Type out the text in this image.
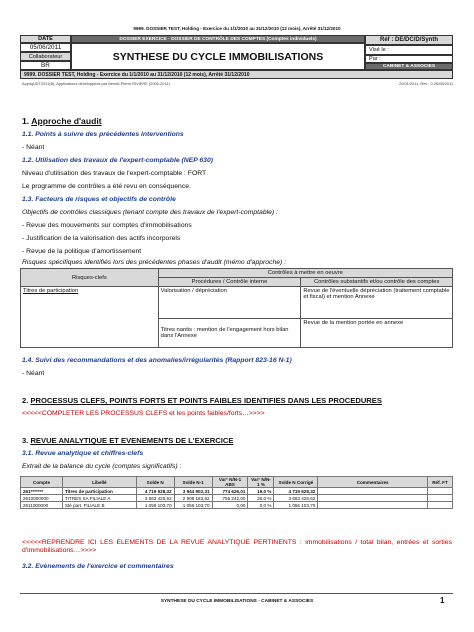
9999. DOSSIER TEST, Holding - Exercice du 1/1/2010 au 31/12/2010 (12 mois), Arrêté 31/12/2010
DATE
05/06/2011
Collaborateur
BR
DOSSIER EXERCICE - DOSSIER DE CONTRÔLE DES COMPTES (Comptes individuels)
SYNTHESE DU CYCLE IMMOBILISATIONS
Réf : DE/DC/D/Synth
Visé le :
Par :
CABINET & ASSOCIES
9999. DOSSIER TEST, Holding - Exercice du 1/1/2010 au 31/12/2010 (12 mois), Arrêté 31/12/2010
AppliqUDT2011(B), Applications développées par Benoît-Pierre RIVIERE (2005-2011)	20/01/2011, Rev : 0.26/05/2011
1. Approche d'audit
1.1. Points à suivre des précédentes interventions
- Néant
1.2. Utilisation des travaux de l'expert-comptable (NEP 630)
Niveau d'utilisation des travaux de l'expert-comptable : FORT
Le programme de contrôles a été revu en conséquence.
1.3. Facteurs de risques et objectifs de contrôle
Objectifs de contrôles classiques (tenant compte des travaux de l'expert-comptable) :
- Revue des mouvements sur comptes d'immobilisations
- Justification de la valorisation des actifs incorporels
- Revue de la politique d'amortissement
Risques spécifiques identifiés lors des précédentes phases d'audit (mémo d'approche) :
Risques-clefs	Contrôles à mettre en oeuvre	
	Procédures / Contrôle interne	Contrôles substantifs et/ou contrôle des comptes
Titres de participation	Valorisation / dépréciation	Revue de l'éventuelle dépréciation (traitement comptable et fiscal) et mention Annexe
	Titres nantis : mention de l'engagement hors bilan dans l'Annexe	Revue de la mention portée en annexe
1.4. Suivi des recommandations et des anomalies/irrégularités (Rapport 823-16 N-1)
- Néant
2. PROCESSUS CLEFS, POINTS FORTS ET POINTS FAIBLES IDENTIFIES DANS LES PROCEDURES
<<<<<COMPLETER LES PROCESSUS CLEFS et les points faibles/forts…>>>>
3. REVUE ANALYTIQUE ET EVENEMENTS DE L'EXERCICE
3.1. Revue analytique et chiffres-clefs
Extrait de la balance du cycle (comptes significatifs) :
Compte	Libellé	Solde N	Solde N-1	Var° N/N-1 ABS	Var° N/N-1 %	Solde N Corrigé	Commentaires	Réf. FT
261*******	Titres de participation	4 719 528,32	3 944 902,31	774 626,01	19,0 %	4 719 528,32		
2610000000	TITRES SA FILIALE A	3 663 425,62	2 908 183,62	755 242,00	26,0 %	3 663 425,62		
2611000000	Sté part. FILIALE B	1 056 103,70	1 056 103,70	0,00	0,0 %	1 056 103,70		
<<<<<REPRENDRE ICI LES ELEMENTS DE LA REVUE ANALYTIQUE PERTINENTS : immobilisations / total bilan, entrées et sorties d'immobilisations…>>>>
3.2. Evènements de l'exercice et commentaires
SYNTHESE DU CYCLE IMMOBILISATIONS - CABINET & ASSOCIES	1
